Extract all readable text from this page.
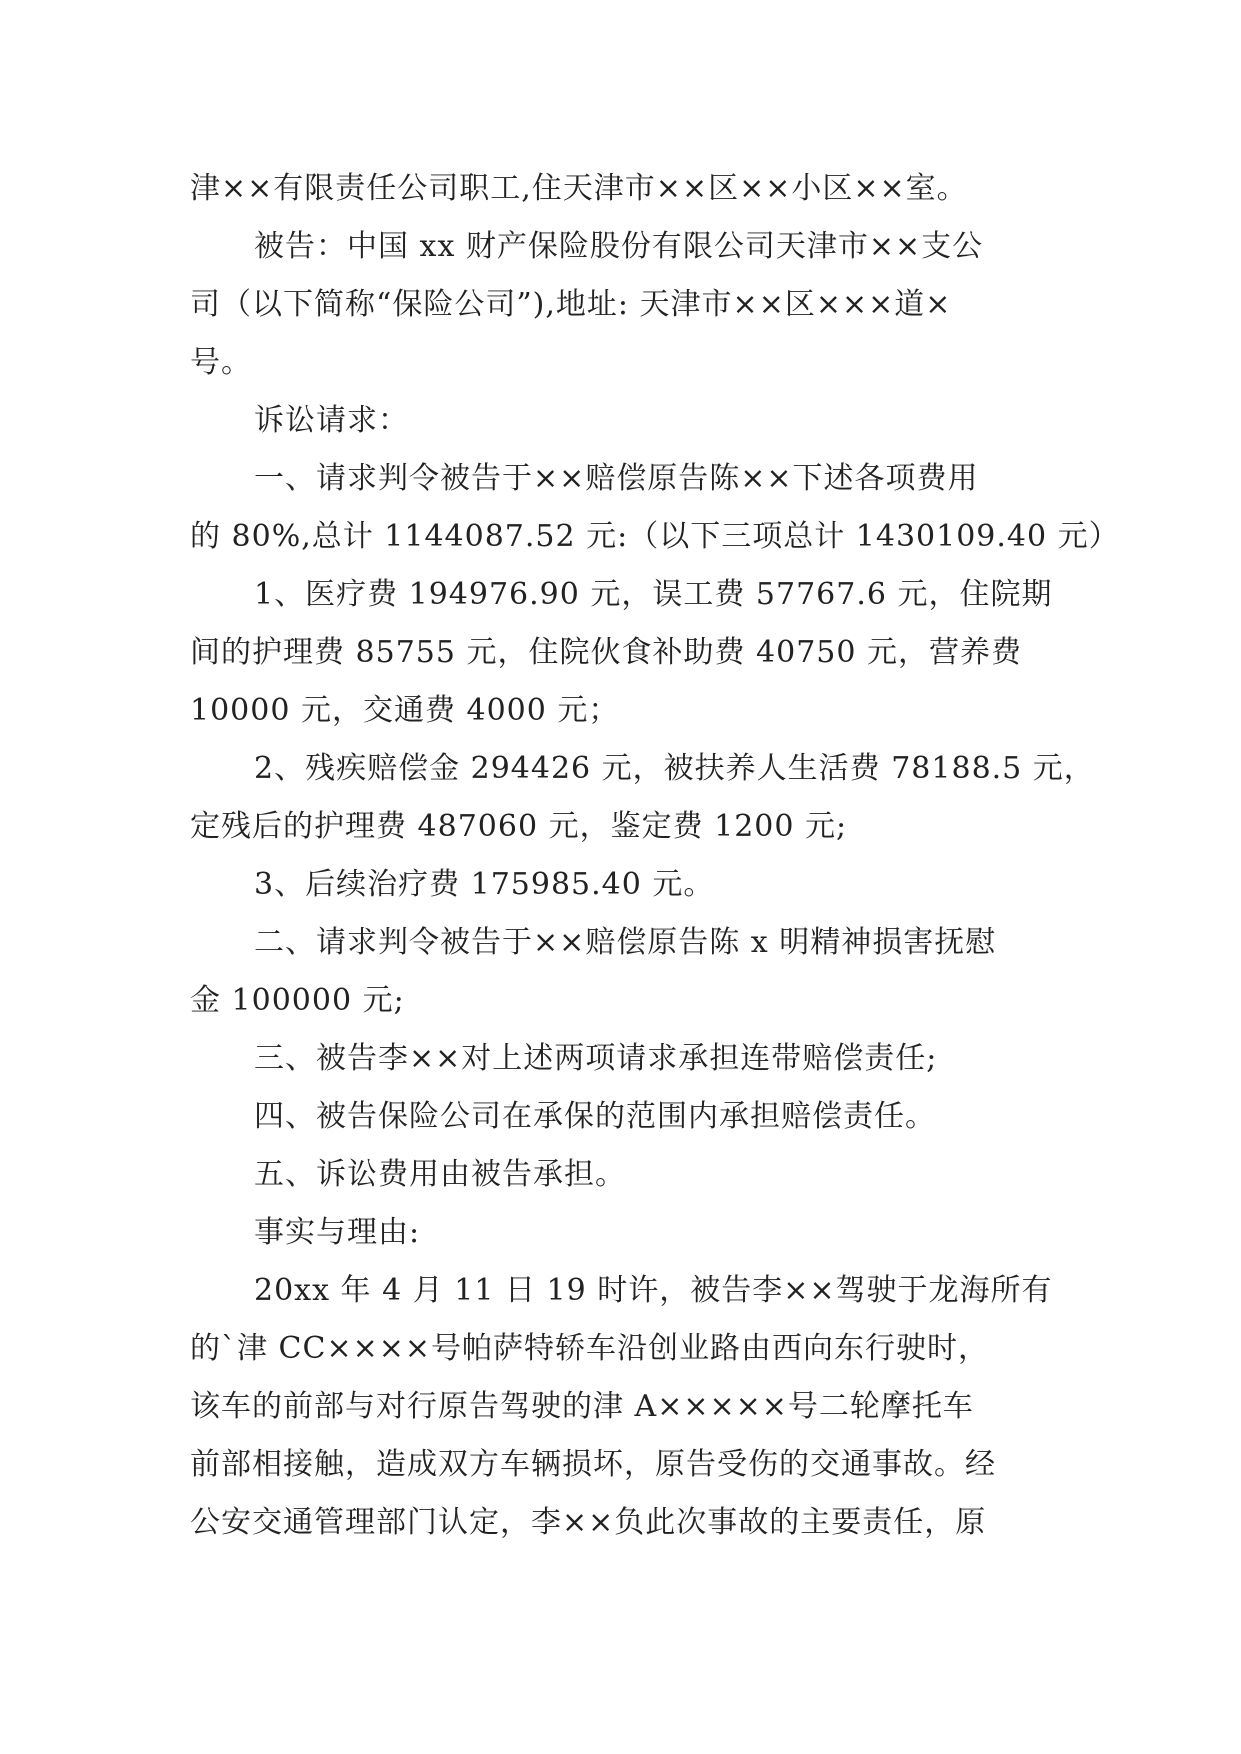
津××有限责任公司职工,住天津市××区××小区××室。
被告：中国 xx 财产保险股份有限公司天津市××支公
司（以下简称“保险公司”),地址: 天津市××区×××道×
号。
诉讼请求：
一、请求判令被告于××赔偿原告陈××下述各项费用
的 80%,总计 1144087.52 元:（以下三项总计 1430109.40 元）
1、医疗费 194976.90 元，误工费 57767.6 元，住院期
间的护理费 85755 元，住院伙食补助费 40750 元，营养费
10000 元，交通费 4000 元；
2、残疾赔偿金 294426 元，被扶养人生活费 78188.5 元，
定残后的护理费 487060 元，鉴定费 1200 元;
3、后续治疗费 175985.40 元。
二、请求判令被告于××赔偿原告陈 x 明精神损害抚慰
金 100000 元;
三、被告李××对上述两项请求承担连带赔偿责任;
四、被告保险公司在承保的范围内承担赔偿责任。
五、诉讼费用由被告承担。
事实与理由:
20xx 年 4 月 11 日 19 时许，被告李××驾驶于龙海所有
的`津 CC××××号帕萨特轿车沿创业路由西向东行驶时，
该车的前部与对行原告驾驶的津 A×××××号二轮摩托车
前部相接触，造成双方车辆损坏，原告受伤的交通事故。经
公安交通管理部门认定，李××负此次事故的主要责任，原
